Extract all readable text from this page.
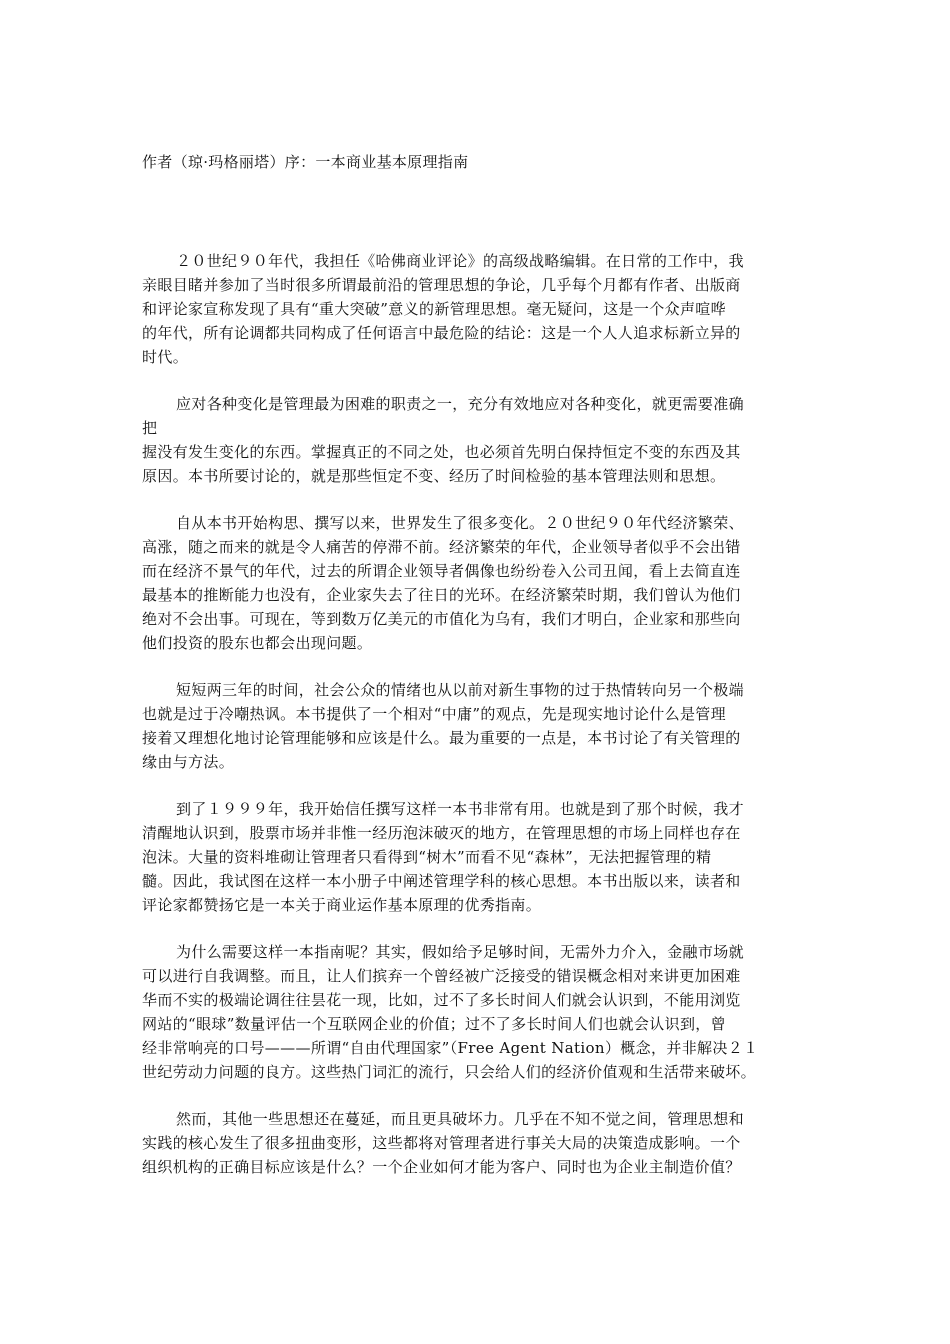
作者（琼·玛格丽塔）序：一本商业基本原理指南
２０世纪９０年代，我担任《哈佛商业评论》的高级战略编辑。在日常的工作中，我
亲眼目睹并参加了当时很多所谓最前沿的管理思想的争论，几乎每个月都有作者、出版商
和评论家宣称发现了具有“重大突破”意义的新管理思想。毫无疑问，这是一个众声喧哗
的年代，所有论调都共同构成了任何语言中最危险的结论：这是一个人人追求标新立异的
时代。
应对各种变化是管理最为困难的职责之一，充分有效地应对各种变化，就更需要准确
把
握没有发生变化的东西。掌握真正的不同之处，也必须首先明白保持恒定不变的东西及其
原因。本书所要讨论的，就是那些恒定不变、经历了时间检验的基本管理法则和思想。
自从本书开始构思、撰写以来，世界发生了很多变化。２０世纪９０年代经济繁荣、
高涨，随之而来的就是令人痛苦的停滞不前。经济繁荣的年代，企业领导者似乎不会出错
而在经济不景气的年代，过去的所谓企业领导者偶像也纷纷卷入公司丑闻，看上去简直连
最基本的推断能力也没有，企业家失去了往日的光环。在经济繁荣时期，我们曾认为他们
绝对不会出事。可现在，等到数万亿美元的市值化为乌有，我们才明白，企业家和那些向
他们投资的股东也都会出现问题。
短短两三年的时间，社会公众的情绪也从以前对新生事物的过于热情转向另一个极端
也就是过于冷嘲热讽。本书提供了一个相对“中庸”的观点，先是现实地讨论什么是管理
接着又理想化地讨论管理能够和应该是什么。最为重要的一点是，本书讨论了有关管理的
缘由与方法。
到了１９９９年，我开始信任撰写这样一本书非常有用。也就是到了那个时候，我才
清醒地认识到，股票市场并非惟一经历泡沫破灭的地方，在管理思想的市场上同样也存在
泡沫。大量的资料堆砌让管理者只看得到“树木”而看不见“森林”，无法把握管理的精
髓。因此，我试图在这样一本小册子中阐述管理学科的核心思想。本书出版以来，读者和
评论家都赞扬它是一本关于商业运作基本原理的优秀指南。
为什么需要这样一本指南呢？其实，假如给予足够时间，无需外力介入，金融市场就
可以进行自我调整。而且，让人们摈弃一个曾经被广泛接受的错误概念相对来讲更加困难
华而不实的极端论调往往昙花一现，比如，过不了多长时间人们就会认识到，不能用浏览
网站的“眼球”数量评估一个互联网企业的价值；过不了多长时间人们也就会认识到，曾
经非常响亮的口号———所谓“自由代理国家”（Free Agent Nation）概念，并非解决２１
世纪劳动力问题的良方。这些热门词汇的流行，只会给人们的经济价值观和生活带来破坏。
然而，其他一些思想还在蔓延，而且更具破坏力。几乎在不知不觉之间，管理思想和
实践的核心发生了很多扭曲变形，这些都将对管理者进行事关大局的决策造成影响。一个
组织机构的正确目标应该是什么？一个企业如何才能为客户、同时也为企业主制造价值？
